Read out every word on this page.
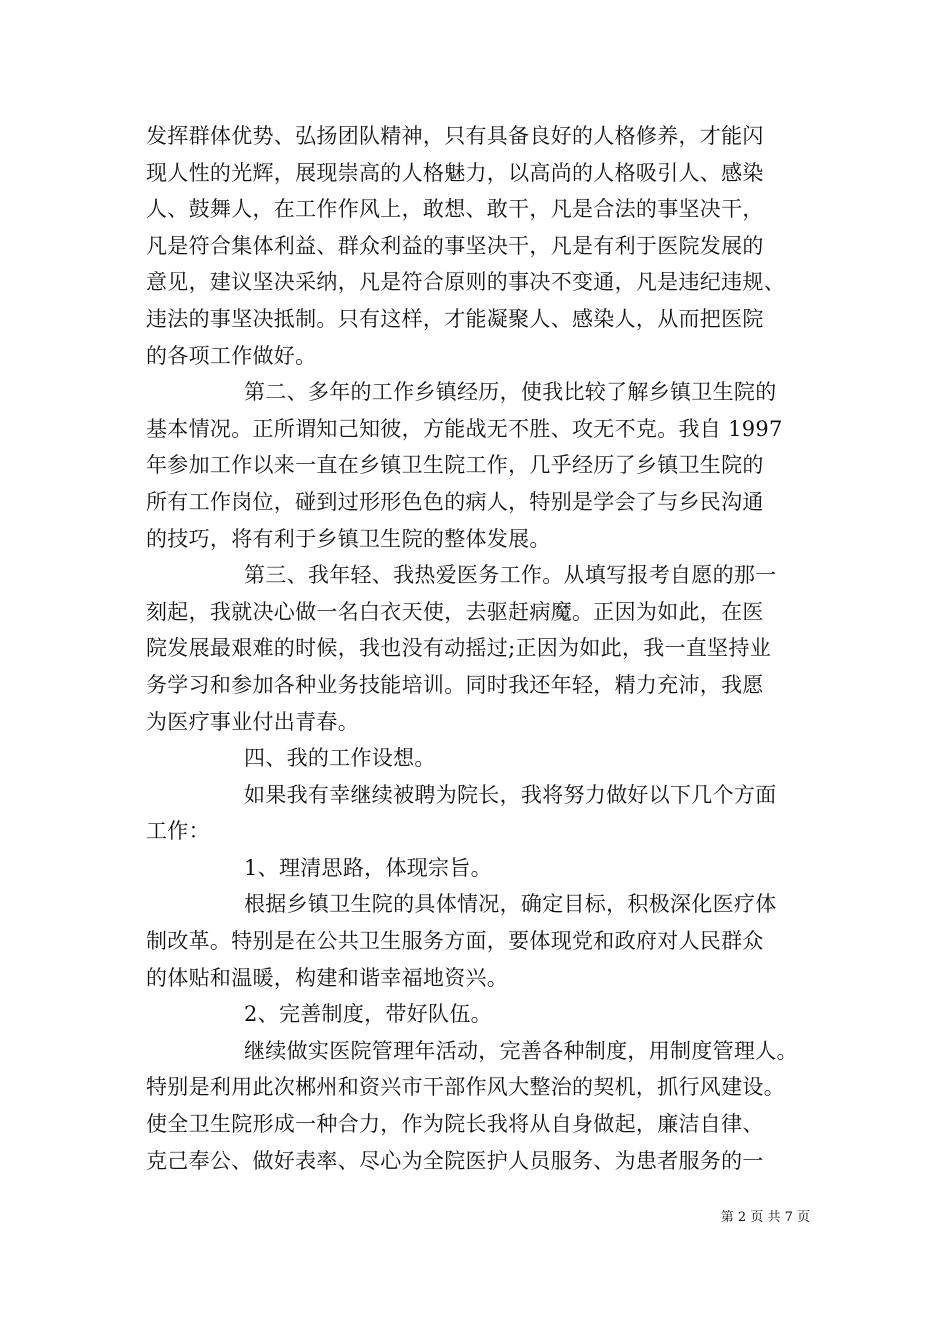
发挥群体优势、弘扬团队精神，只有具备良好的人格修养，才能闪
现人性的光辉，展现崇高的人格魅力，以高尚的人格吸引人、感染
人、鼓舞人，在工作作风上，敢想、敢干，凡是合法的事坚决干，
凡是符合集体利益、群众利益的事坚决干，凡是有利于医院发展的
意见，建议坚决采纳，凡是符合原则的事决不变通，凡是违纪违规、
违法的事坚决抵制。只有这样，才能凝聚人、感染人，从而把医院
的各项工作做好。
第二、多年的工作乡镇经历，使我比较了解乡镇卫生院的
基本情况。正所谓知己知彼，方能战无不胜、攻无不克。我自 1997
年参加工作以来一直在乡镇卫生院工作，几乎经历了乡镇卫生院的
所有工作岗位，碰到过形形色色的病人，特别是学会了与乡民沟通
的技巧，将有利于乡镇卫生院的整体发展。
第三、我年轻、我热爱医务工作。从填写报考自愿的那一
刻起，我就决心做一名白衣天使，去驱赶病魔。正因为如此，在医
院发展最艰难的时候，我也没有动摇过;正因为如此，我一直坚持业
务学习和参加各种业务技能培训。同时我还年轻，精力充沛，我愿
为医疗事业付出青春。
四、我的工作设想。
如果我有幸继续被聘为院长，我将努力做好以下几个方面
工作：
1、理清思路，体现宗旨。
根据乡镇卫生院的具体情况，确定目标，积极深化医疗体
制改革。特别是在公共卫生服务方面，要体现党和政府对人民群众
的体贴和温暖，构建和谐幸福地资兴。
2、完善制度，带好队伍。
继续做实医院管理年活动，完善各种制度，用制度管理人。
特别是利用此次郴州和资兴市干部作风大整治的契机，抓行风建设。
使全卫生院形成一种合力，作为院长我将从自身做起，廉洁自律、
克己奉公、做好表率、尽心为全院医护人员服务、为患者服务的一
第 2 页 共 7 页
